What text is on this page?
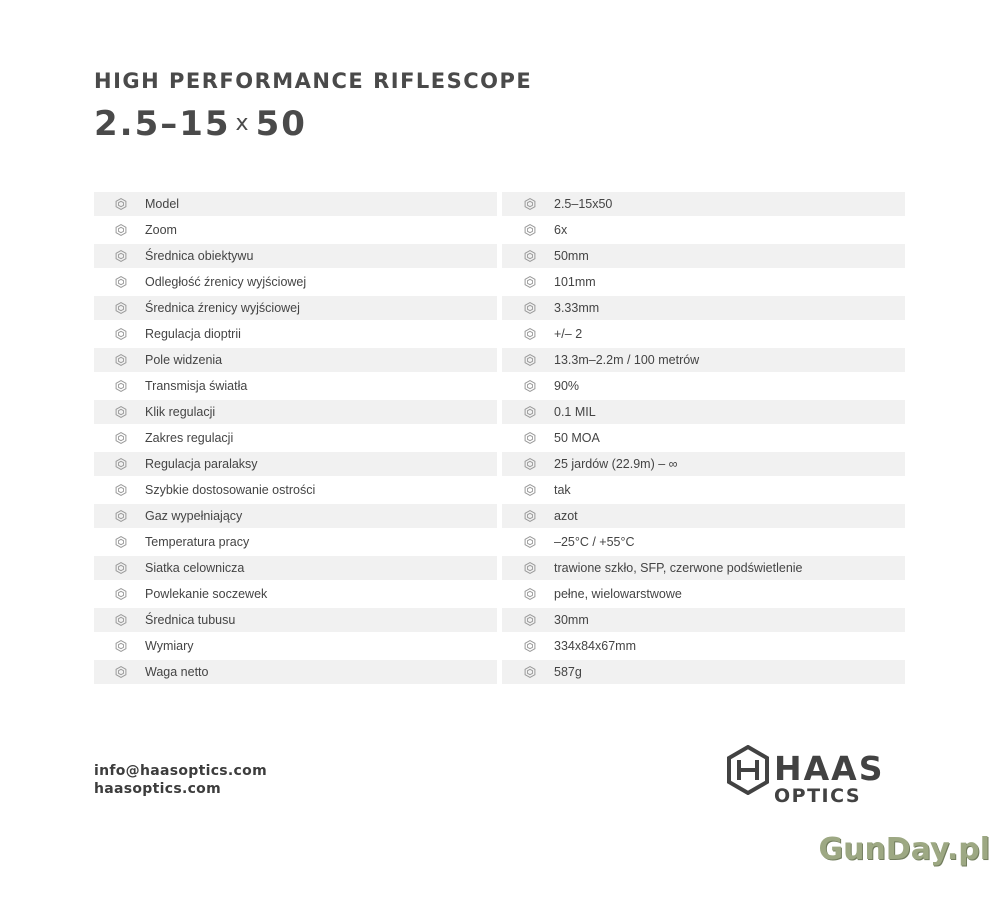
HIGH PERFORMANCE RIFLESCOPE
2.5–15 x 50
Model	2.5–15x50
Zoom	6x
Średnica obiektywu	50mm
Odległość źrenicy wyjściowej	101mm
Średnica źrenicy wyjściowej	3.33mm
Regulacja dioptrii	+/– 2
Pole widzenia	13.3m–2.2m / 100 metrów
Transmisja światła	90%
Klik regulacji	0.1 MIL
Zakres regulacji	50 MOA
Regulacja paralaksy	25 jardów (22.9m) – ∞
Szybkie dostosowanie ostrości	tak
Gaz wypełniający	azot
Temperatura pracy	–25°C / +55°C
Siatka celownicza	trawione szkło, SFP, czerwone podświetlenie
Powlekanie soczewek	pełne, wielowarstwowe
Średnica tubusu	30mm
Wymiary	334x84x67mm
Waga netto	587g
info@haasoptics.com
haasoptics.com
HAAS
OPTICS
GunDay.pl
